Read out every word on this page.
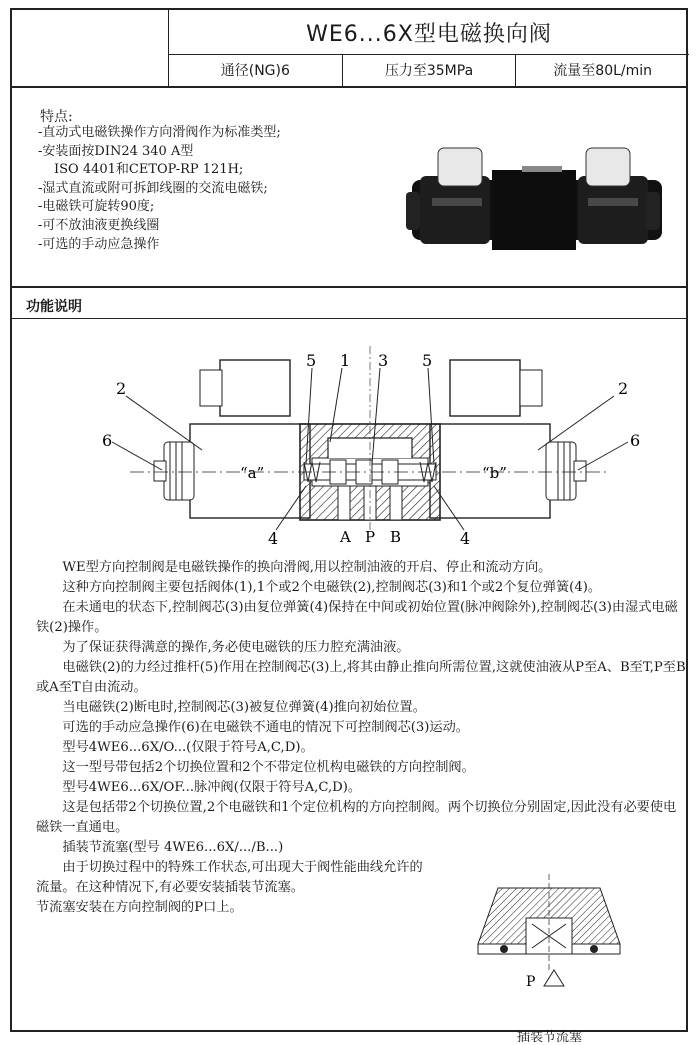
WE6...6X型电磁换向阀
通径(NG)6	压力至35MPa	流量至80L/min
特点:
-直动式电磁铁操作方向滑阀作为标准类型;
-安装面按DIN24 340 A型
ISO 4401和CETOP-RP 121H;
-湿式直流或附可拆卸线圈的交流电磁铁;
-电磁铁可旋转90度;
-可不放油液更换线圈
-可选的手动应急操作
功能说明
2	2
6	6
5	5
1 3
4	4
“a”	“b”
A P B

WE型方向控制阀是电磁铁操作的换向滑阀,用以控制油液的开启、停止和流动方向。

这种方向控制阀主要包括阀体(1),1个或2个电磁铁(2),控制阀芯(3)和1个或2个复位弹簧(4)。

在未通电的状态下,控制阀芯(3)由复位弹簧(4)保持在中间或初始位置(脉冲阀除外),控制阀芯(3)由湿式电磁铁(2)操作。

为了保证获得满意的操作,务必使电磁铁的压力腔充满油液。

电磁铁(2)的力经过推杆(5)作用在控制阀芯(3)上,将其由静止推向所需位置,这就使油液从P至A、B至T,P至B或A至T自由流动。

当电磁铁(2)断电时,控制阀芯(3)被复位弹簧(4)推向初始位置。

可选的手动应急操作(6)在电磁铁不通电的情况下可控制阀芯(3)运动。

型号4WE6...6X/O...(仅限于符号A,C,D)。

这一型号带包括2个切换位置和2个不带定位机构电磁铁的方向控制阀。

型号4WE6...6X/OF...脉冲阀(仅限于符号A,C,D)。

这是包括带2个切换位置,2个电磁铁和1个定位机构的方向控制阀。两个切换位分别固定,因此没有必要使电磁铁一直通电。

插装节流塞(型号 4WE6...6X/.../B...)

由于切换过程中的特殊工作状态,可出现大于阀性能曲线允许的流量。在这种情况下,有必要安装插装节流塞。

节流塞安装在方向控制阀的P口上。

P
插装节流塞
